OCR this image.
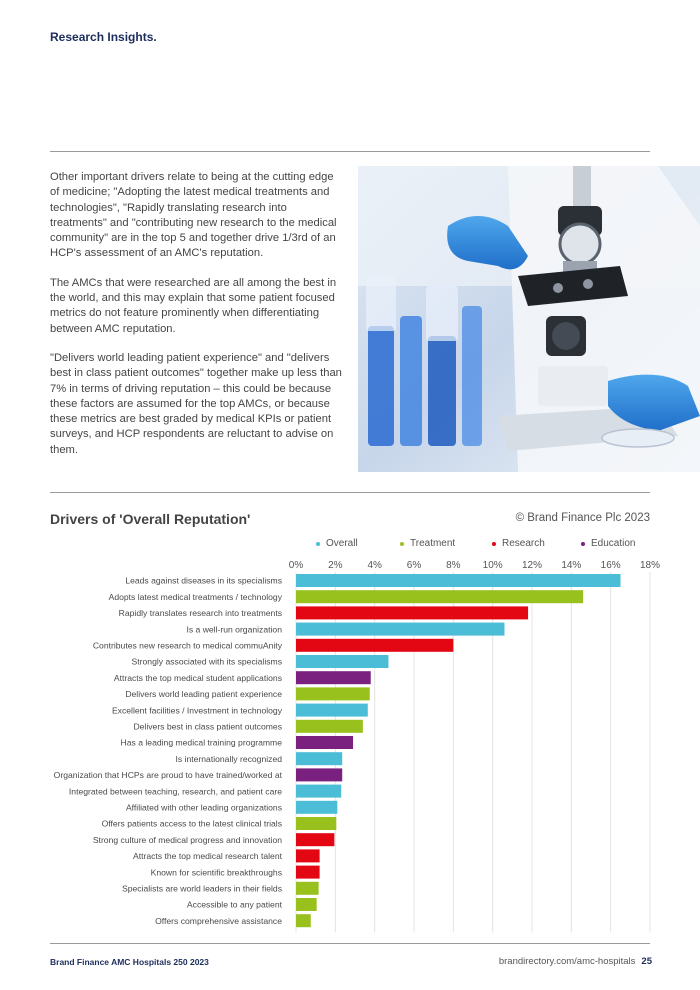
Research Insights.

Other important drivers relate to being at the cutting edge of medicine; "Adopting the latest medical treatments and technologies", "Rapidly translating research into treatments" and "contributing new research to the medical community" are in the top 5 and together drive 1/3rd of an HCP's assessment of an AMC's reputation.

The AMCs that were researched are all among the best in the world, and this may explain that some patient focused metrics do not feature prominently when differentiating between AMC reputation.

"Delivers world leading patient experience" and "delivers best in class patient outcomes" together make up less than 7% in terms of driving reputation – this could be because these factors are assumed for the top AMCs, or because these metrics are best graded by medical KPIs or patient surveys, and HCP respondents are reluctant to advise on them.

Drivers of 'Overall Reputation'	© Brand Finance Plc 2023
Overall	Treatment	Research	Education
0% 2% 4% 6% 8% 10% 12% 14% 16% 18%
Leads against diseases in its specialisms
Adopts latest medical treatments / technology
Rapidly translates research into treatments
Is a well-run organization
Contributes new research to medical commuAnity
Strongly associated with its specialisms
Attracts the top medical student applications
Delivers world leading patient experience
Excellent facilities / Investment in technology
Delivers best in class patient outcomes
Has a leading medical training programme
Is internationally recognized
Organization that HCPs are proud to have trained/worked at
Integrated between teaching, research, and patient care
Affiliated with other leading organizations
Offers patients access to the latest clinical trials
Strong culture of medical progress and innovation
Attracts the top medical research talent
Known for scientific breakthroughs
Specialists are world leaders in their fields
Accessible to any patient
Offers comprehensive assistance
Brand Finance AMC Hospitals 250 2023	brandirectory.com/amc-hospitals 25
